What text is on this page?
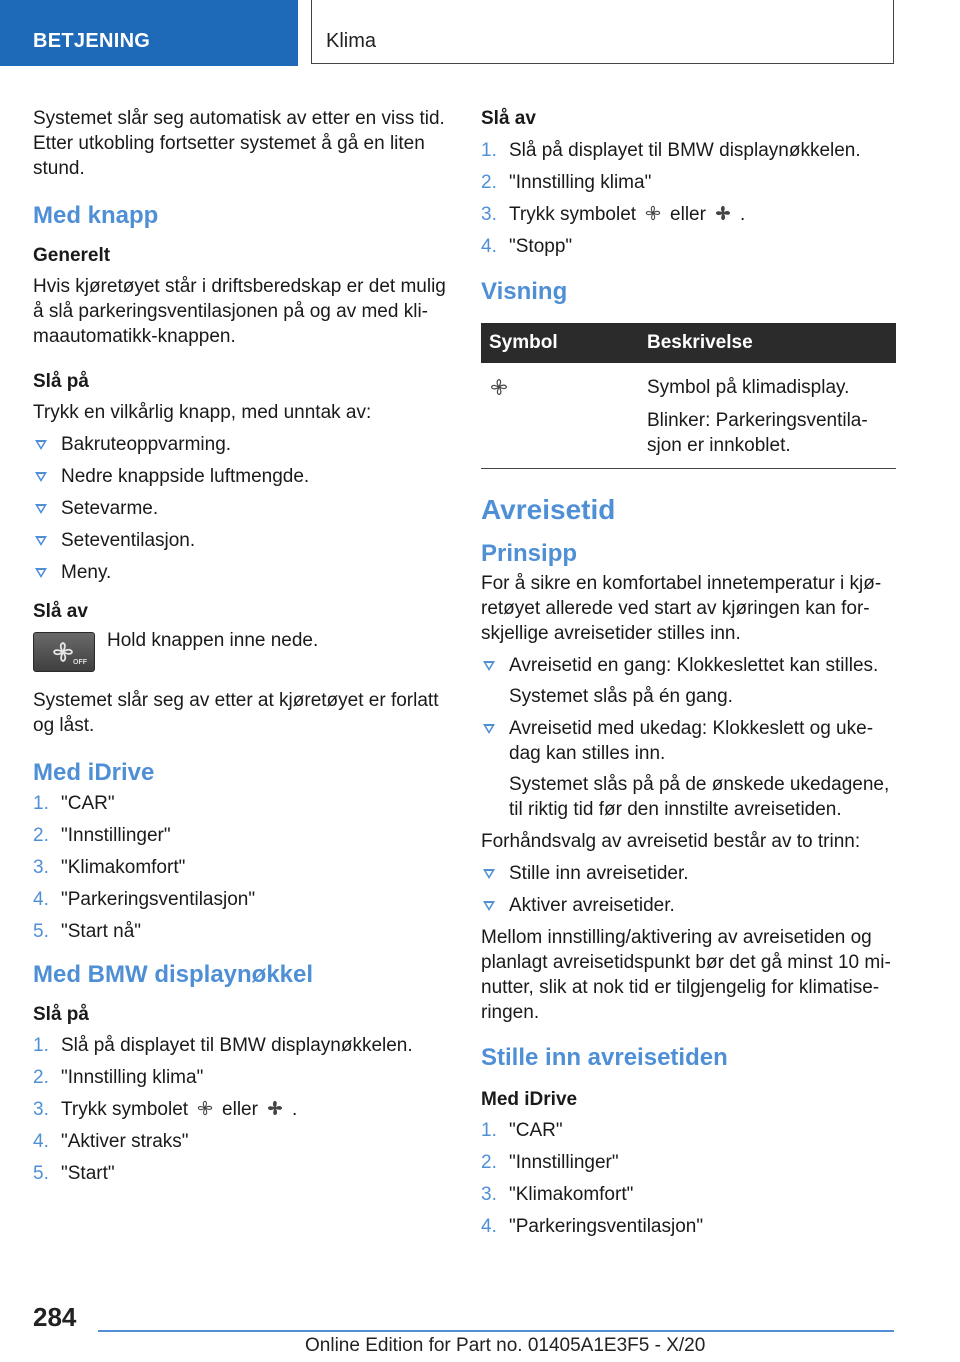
BETJENING	Klima

Systemet slår seg automatisk av etter en viss tid. Etter utkobling fortsetter systemet å gå en liten stund.

Med knapp
Generelt

Hvis kjøretøyet står i driftsberedskap er det mulig å slå parkeringsventilasjonen på og av med klimaautomatikk-knappen.

Slå på

Trykk en vilkårlig knapp, med unntak av:

Bakruteoppvarming.
Nedre knappside luftmengde.
Setevarme.
Seteventilasjon.
Meny.
Slå av
OFF

Hold knappen inne nede.

Systemet slår seg av etter at kjøretøyet er forlatt og låst.

Med iDrive
1. "CAR"
2. "Innstillinger"
3. "Klimakomfort"
4. "Parkeringsventilasjon"
5. "Start nå"
Med BMW displaynøkkel
Slå på
1. Slå på displayet til BMW displaynøkkelen.
2. "Innstilling klima"
3. Trykk symbolet eller .
4. "Aktiver straks"
5. "Start"
Slå av
1. Slå på displayet til BMW displaynøkkelen.
2. "Innstilling klima"
3. Trykk symbolet eller .
4. "Stopp"
Visning
Symbol	Beskrivelse

Symbol på klimadisplay.

Blinker: Parkeringsventilasjon er innkoblet.

Avreisetid
Prinsipp

For å sikre en komfortabel innetemperatur i kjøretøyet allerede ved start av kjøringen kan forskjellige avreisetider stilles inn.

Avreisetid en gang: Klokkeslettet kan stilles.
Systemet slås på én gang.
Avreisetid med ukedag: Klokkeslett og ukedag kan stilles inn.
Systemet slås på på de ønskede ukedagene, til riktig tid før den innstilte avreisetiden.

Forhåndsvalg av avreisetid består av to trinn:

Stille inn avreisetider.
Aktiver avreisetider.

Mellom innstilling/aktivering av avreisetiden og planlagt avreisetidspunkt bør det gå minst 10 minutter, slik at nok tid er tilgjengelig for klimatiseringen.

Stille inn avreisetiden
Med iDrive
1. "CAR"
2. "Innstillinger"
3. "Klimakomfort"
4. "Parkeringsventilasjon"
284
Online Edition for Part no. 01405A1E3F5 - X/20
